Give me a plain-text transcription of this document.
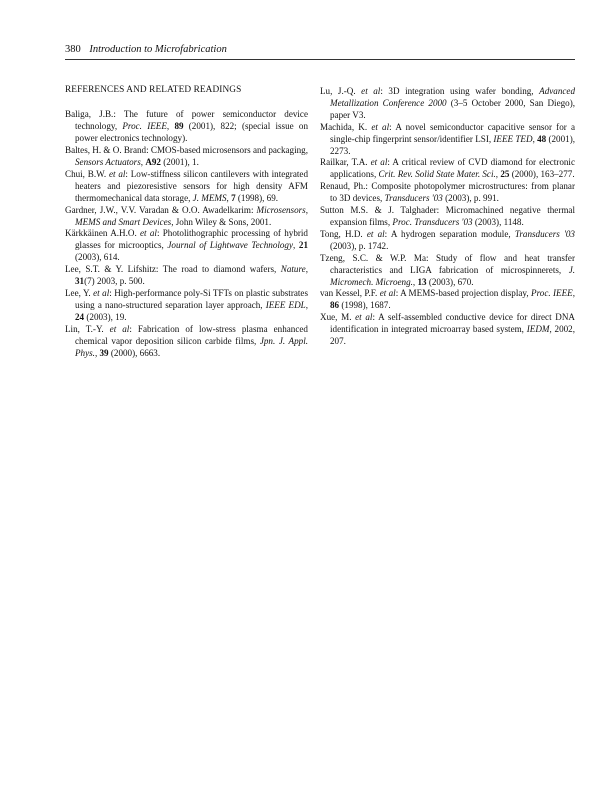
380 Introduction to Microfabrication
REFERENCES AND RELATED READINGS

Baliga, J.B.: The future of power semiconductor device technology, Proc. IEEE, 89 (2001), 822; (special issue on power electronics technology).

Baltes, H. & O. Brand: CMOS-based microsensors and packaging, Sensors Actuators, A92 (2001), 1.

Chui, B.W. et al: Low-stiffness silicon cantilevers with integrated heaters and piezoresistive sensors for high density AFM thermomechanical data storage, J. MEMS, 7 (1998), 69.

Gardner, J.W., V.V. Varadan & O.O. Awadelkarim: Microsensors, MEMS and Smart Devices, John Wiley & Sons, 2001.

Kärkkäinen A.H.O. et al: Photolithographic processing of hybrid glasses for microoptics, Journal of Lightwave Technology, 21 (2003), 614.

Lee, S.T. & Y. Lifshitz: The road to diamond wafers, Nature, 31(7) 2003, p. 500.

Lee, Y. et al: High-performance poly-Si TFTs on plastic substrates using a nano-structured separation layer approach, IEEE EDL, 24 (2003), 19.

Lin, T.-Y. et al: Fabrication of low-stress plasma enhanced chemical vapor deposition silicon carbide films, Jpn. J. Appl. Phys., 39 (2000), 6663.

Lu, J.-Q. et al: 3D integration using wafer bonding, Advanced Metallization Conference 2000 (3–5 October 2000, San Diego), paper V3.

Machida, K. et al: A novel semiconductor capacitive sensor for a single-chip fingerprint sensor/identifier LSI, IEEE TED, 48 (2001), 2273.

Railkar, T.A. et al: A critical review of CVD diamond for electronic applications, Crit. Rev. Solid State Mater. Sci., 25 (2000), 163–277.

Renaud, Ph.: Composite photopolymer microstructures: from planar to 3D devices, Transducers '03 (2003), p. 991.

Sutton M.S. & J. Talghader: Micromachined negative thermal expansion films, Proc. Transducers '03 (2003), 1148.

Tong, H.D. et al: A hydrogen separation module, Transducers '03 (2003), p. 1742.

Tzeng, S.C. & W.P. Ma: Study of flow and heat transfer characteristics and LIGA fabrication of microspinnerets, J. Micromech. Microeng., 13 (2003), 670.

van Kessel, P.F. et al: A MEMS-based projection display, Proc. IEEE, 86 (1998), 1687.

Xue, M. et al: A self-assembled conductive device for direct DNA identification in integrated microarray based system, IEDM, 2002, 207.
